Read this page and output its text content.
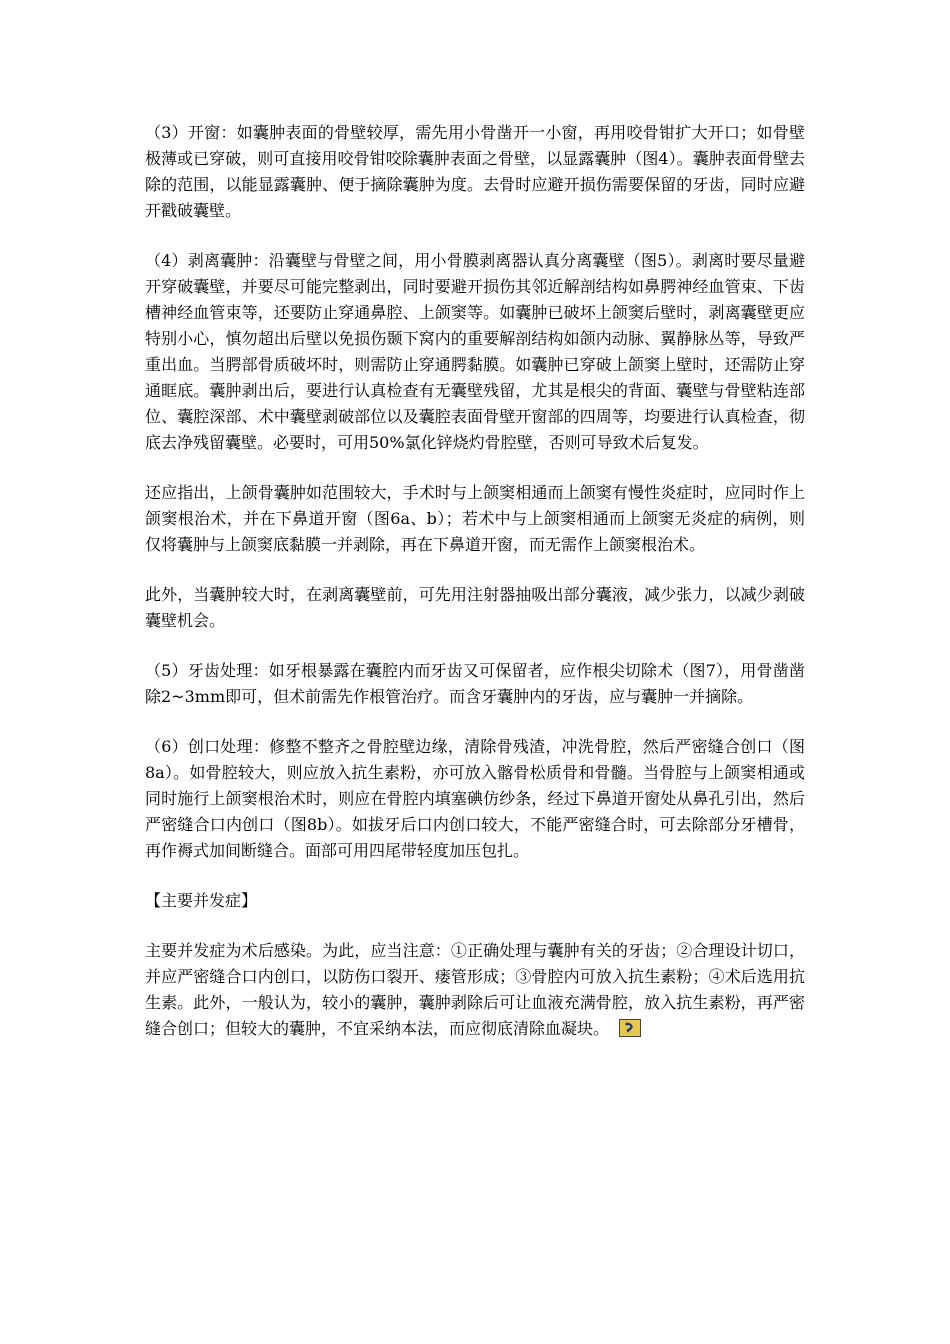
（3）开窗：如囊肿表面的骨壁较厚，需先用小骨凿开一小窗，再用咬骨钳扩大开口；如骨壁极薄或已穿破，则可直接用咬骨钳咬除囊肿表面之骨壁，以显露囊肿（图4）。囊肿表面骨壁去除的范围，以能显露囊肿、便于摘除囊肿为度。去骨时应避开损伤需要保留的牙齿，同时应避开戳破囊壁。

（4）剥离囊肿：沿囊壁与骨壁之间，用小骨膜剥离器认真分离囊壁（图5）。剥离时要尽量避开穿破囊壁，并要尽可能完整剥出，同时要避开损伤其邻近解剖结构如鼻腭神经血管束、下齿槽神经血管束等，还要防止穿通鼻腔、上颌窦等。如囊肿已破坏上颌窦后壁时，剥离囊壁更应特别小心，慎勿超出后壁以免损伤颞下窝内的重要解剖结构如颌内动脉、翼静脉丛等，导致严重出血。当腭部骨质破坏时，则需防止穿通腭黏膜。如囊肿已穿破上颌窦上壁时，还需防止穿通眶底。囊肿剥出后，要进行认真检查有无囊壁残留，尤其是根尖的背面、囊壁与骨壁粘连部位、囊腔深部、术中囊壁剥破部位以及囊腔表面骨壁开窗部的四周等，均要进行认真检查，彻底去净残留囊壁。必要时，可用50%氯化锌烧灼骨腔壁，否则可导致术后复发。

还应指出，上颌骨囊肿如范围较大，手术时与上颌窦相通而上颌窦有慢性炎症时，应同时作上颌窦根治术，并在下鼻道开窗（图6a、b）；若术中与上颌窦相通而上颌窦无炎症的病例，则仅将囊肿与上颌窦底黏膜一并剥除，再在下鼻道开窗，而无需作上颌窦根治术。

此外，当囊肿较大时，在剥离囊壁前，可先用注射器抽吸出部分囊液，减少张力，以减少剥破囊壁机会。

（5）牙齿处理：如牙根暴露在囊腔内而牙齿又可保留者，应作根尖切除术（图7），用骨凿凿除2~3mm即可，但术前需先作根管治疗。而含牙囊肿内的牙齿，应与囊肿一并摘除。

（6）创口处理：修整不整齐之骨腔壁边缘，清除骨残渣，冲洗骨腔，然后严密缝合创口（图8a）。如骨腔较大，则应放入抗生素粉，亦可放入髂骨松质骨和骨髓。当骨腔与上颌窦相通或同时施行上颌窦根治术时，则应在骨腔内填塞碘仿纱条，经过下鼻道开窗处从鼻孔引出，然后严密缝合口内创口（图8b）。如拔牙后口内创口较大，不能严密缝合时，可去除部分牙槽骨，再作褥式加间断缝合。面部可用四尾带轻度加压包扎。

【主要并发症】

主要并发症为术后感染。为此，应当注意：①正确处理与囊肿有关的牙齿；②合理设计切口，并应严密缝合口内创口，以防伤口裂开、瘘管形成；③骨腔内可放入抗生素粉；④术后选用抗生素。此外，一般认为，较小的囊肿，囊肿剥除后可让血液充满骨腔，放入抗生素粉，再严密缝合创口；但较大的囊肿，不宜采纳本法，而应彻底清除血凝块。
